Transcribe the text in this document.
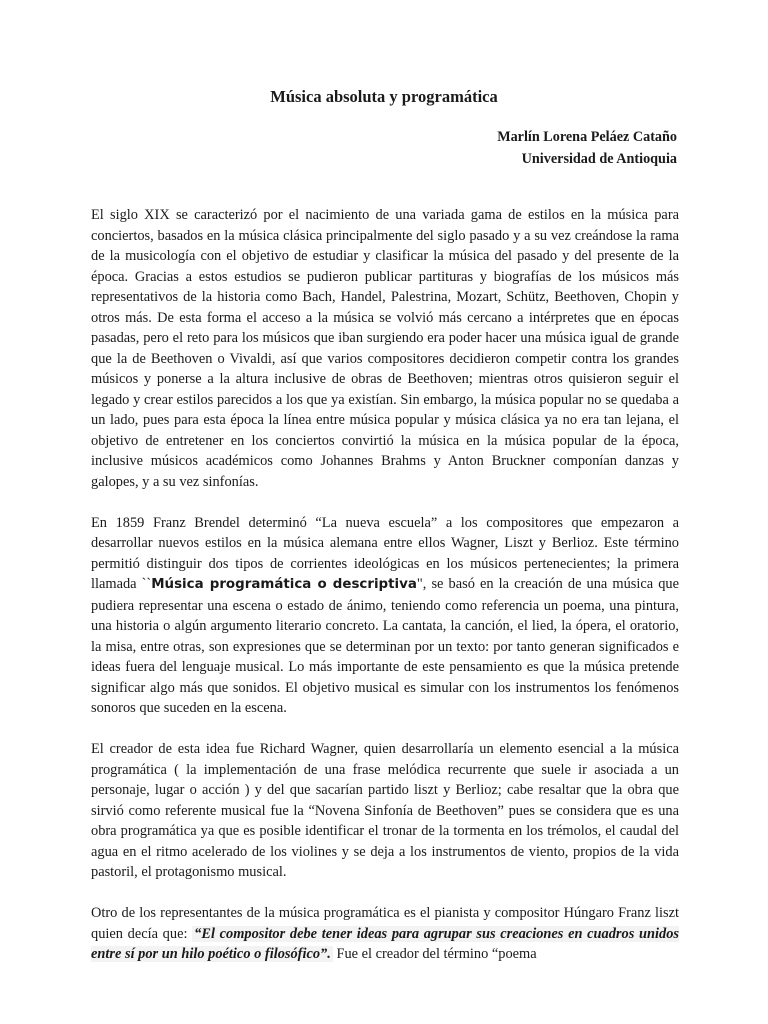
Música absoluta y programática
Marlín Lorena Peláez Cataño
Universidad de Antioquia

El siglo XIX se caracterizó por el nacimiento de una variada gama de estilos en la música para conciertos, basados en la música clásica principalmente del siglo pasado y a su vez creándose la rama de la musicología con el objetivo de estudiar y clasificar la música del pasado y del presente de la época. Gracias a estos estudios se pudieron publicar partituras y biografías de los músicos más representativos de la historia como Bach, Handel, Palestrina, Mozart, Schütz, Beethoven, Chopin y otros más. De esta forma el acceso a la música se volvió más cercano a intérpretes que en épocas pasadas, pero el reto para los músicos que iban surgiendo era poder hacer una música igual de grande que la de Beethoven o Vivaldi, así que varios compositores decidieron competir contra los grandes músicos y ponerse a la altura inclusive de obras de Beethoven; mientras otros quisieron seguir el legado y crear estilos parecidos a los que ya existían. Sin embargo, la música popular no se quedaba a un lado, pues para esta época la línea entre música popular y música clásica ya no era tan lejana, el objetivo de entretener en los conciertos convirtió la música en la música popular de la época, inclusive músicos académicos como Johannes Brahms y Anton Bruckner componían danzas y galopes, y a su vez sinfonías.

En 1859 Franz Brendel determinó “La nueva escuela” a los compositores que empezaron a desarrollar nuevos estilos en la música alemana entre ellos Wagner, Liszt y Berlioz. Este término permitió distinguir dos tipos de corrientes ideológicas en los músicos pertenecientes; la primera llamada ``Música programática o descriptiva", se basó en la creación de una música que pudiera representar una escena o estado de ánimo, teniendo como referencia un poema, una pintura, una historia o algún argumento literario concreto. La cantata, la canción, el lied, la ópera, el oratorio, la misa, entre otras, son expresiones que se determinan por un texto: por tanto generan significados e ideas fuera del lenguaje musical. Lo más importante de este pensamiento es que la música pretende significar algo más que sonidos. El objetivo musical es simular con los instrumentos los fenómenos sonoros que suceden en la escena.

El creador de esta idea fue Richard Wagner, quien desarrollaría un elemento esencial a la música programática ( la implementación de una frase melódica recurrente que suele ir asociada a un personaje, lugar o acción ) y del que sacarían partido liszt y Berlioz; cabe resaltar que la obra que sirvió como referente musical fue la “Novena Sinfonía de Beethoven” pues se considera que es una obra programática ya que es posible identificar el tronar de la tormenta en los trémolos, el caudal del agua en el ritmo acelerado de los violines y se deja a los instrumentos de viento, propios de la vida pastoril, el protagonismo musical.

Otro de los representantes de la música programática es el pianista y compositor Húngaro Franz liszt quien decía que: “El compositor debe tener ideas para agrupar sus creaciones en cuadros unidos entre sí por un hilo poético o filosófico”. Fue el creador del término “poema
